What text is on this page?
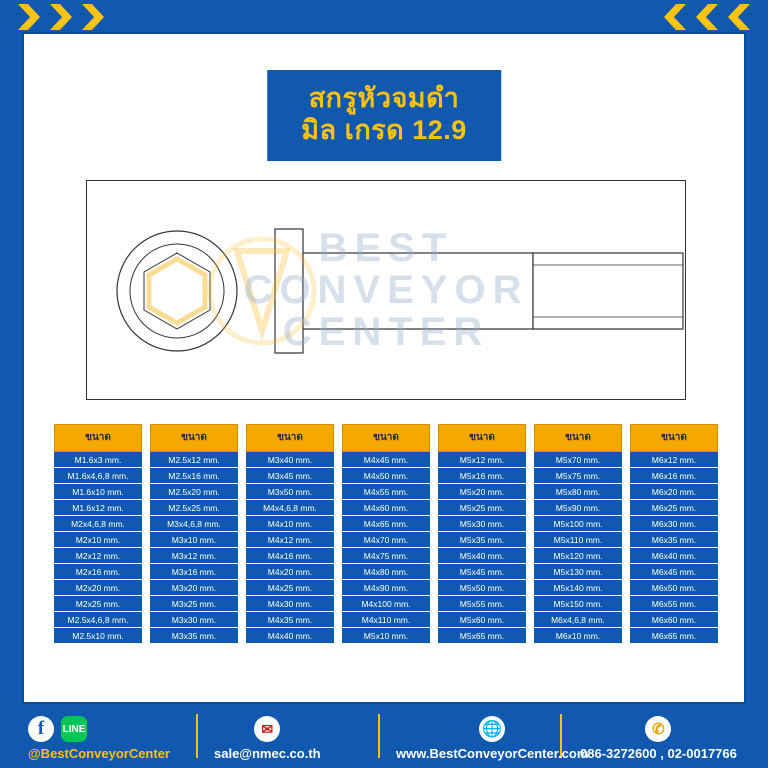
สกรูหัวจมดำ
มิล เกรด 12.9
BEST
CONVEYOR
CENTER
ขนาด
M1.6x3 mm.
M1.6x4,6,8 mm.
M1.6x10 mm.
M1.6x12 mm.
M2x4,6,8 mm.
M2x10 mm.
M2x12 mm.
M2x16 mm.
M2x20 mm.
M2x25 mm.
M2.5x4,6,8 mm.
M2.5x10 mm.
ขนาด
M2.5x12 mm.
M2.5x16 mm.
M2.5x20 mm.
M2.5x25 mm.
M3x4,6,8 mm.
M3x10 mm.
M3x12 mm.
M3x16 mm.
M3x20 mm.
M3x25 mm.
M3x30 mm.
M3x35 mm.
ขนาด
M3x40 mm.
M3x45 mm.
M3x50 mm.
M4x4,6,8 mm.
M4x10 mm.
M4x12 mm.
M4x16 mm.
M4x20 mm.
M4x25 mm.
M4x30 mm.
M4x35 mm.
M4x40 mm.
ขนาด
M4x45 mm.
M4x50 mm.
M4x55 mm.
M4x60 mm.
M4x65 mm.
M4x70 mm.
M4x75 mm.
M4x80 mm.
M4x90 mm.
M4x100 mm.
M4x110 mm.
M5x10 mm.
ขนาด
M5x12 mm.
M5x16 mm.
M5x20 mm.
M5x25 mm.
M5x30 mm.
M5x35 mm.
M5x40 mm.
M5x45 mm.
M5x50 mm.
M5x55 mm.
M5x60 mm.
M5x65 mm.
ขนาด
M5x70 mm.
M5x75 mm.
M5x80 mm.
M5x90 mm.
M5x100 mm.
M5x110 mm.
M5x120 mm.
M5x130 mm.
M5x140 mm.
M5x150 mm.
M6x4,6,8 mm.
M6x10 mm.
ขนาด
M6x12 mm.
M6x16 mm.
M6x20 mm.
M6x25 mm.
M6x30 mm.
M6x35 mm.
M6x40 mm.
M6x45 mm.
M6x50 mm.
M6x55 mm.
M6x60 mm.
M6x65 mm.
f LINE
@BestConveyorCenter
✉
sale@nmec.co.th
🌐
www.BestConveyorCenter.com
✆
086-3272600 , 02-0017766
